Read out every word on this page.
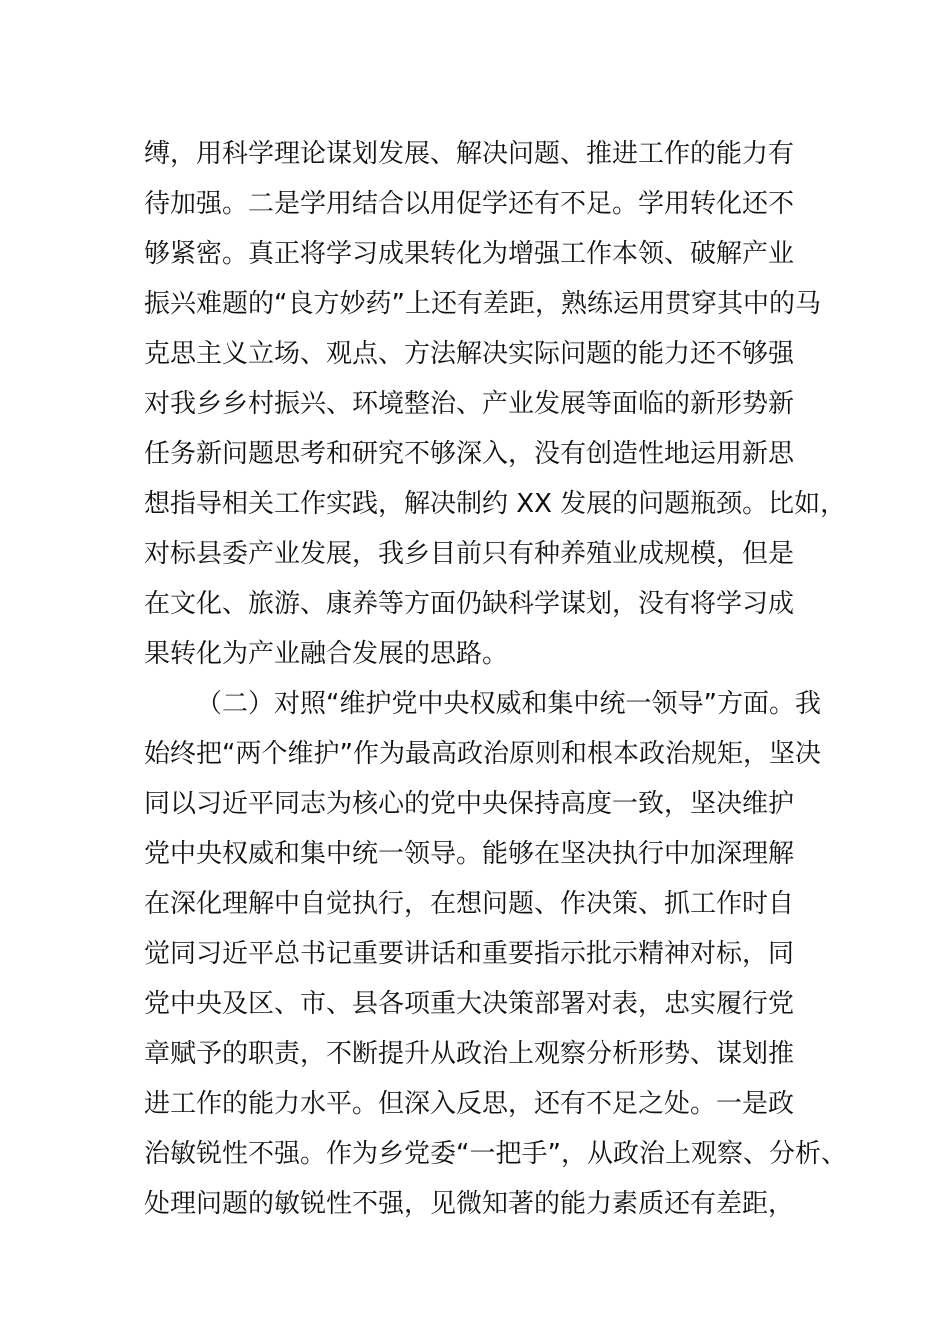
缚，用科学理论谋划发展、解决问题、推进工作的能力有
待加强。二是学用结合以用促学还有不足。学用转化还不
够紧密。真正将学习成果转化为增强工作本领、破解产业
振兴难题的“良方妙药”上还有差距，熟练运用贯穿其中的马
克思主义立场、观点、方法解决实际问题的能力还不够强
对我乡乡村振兴、环境整治、产业发展等面临的新形势新
任务新问题思考和研究不够深入，没有创造性地运用新思
想指导相关工作实践，解决制约 XX 发展的问题瓶颈。比如，
对标县委产业发展，我乡目前只有种养殖业成规模，但是
在文化、旅游、康养等方面仍缺科学谋划，没有将学习成
果转化为产业融合发展的思路。
（二）对照“维护党中央权威和集中统一领导”方面。我
始终把“两个维护”作为最高政治原则和根本政治规矩，坚决
同以习近平同志为核心的党中央保持高度一致，坚决维护
党中央权威和集中统一领导。能够在坚决执行中加深理解
在深化理解中自觉执行，在想问题、作决策、抓工作时自
觉同习近平总书记重要讲话和重要指示批示精神对标，同
党中央及区、市、县各项重大决策部署对表，忠实履行党
章赋予的职责，不断提升从政治上观察分析形势、谋划推
进工作的能力水平。但深入反思，还有不足之处。一是政
治敏锐性不强。作为乡党委“一把手”，从政治上观察、分析、
处理问题的敏锐性不强，见微知著的能力素质还有差距，
